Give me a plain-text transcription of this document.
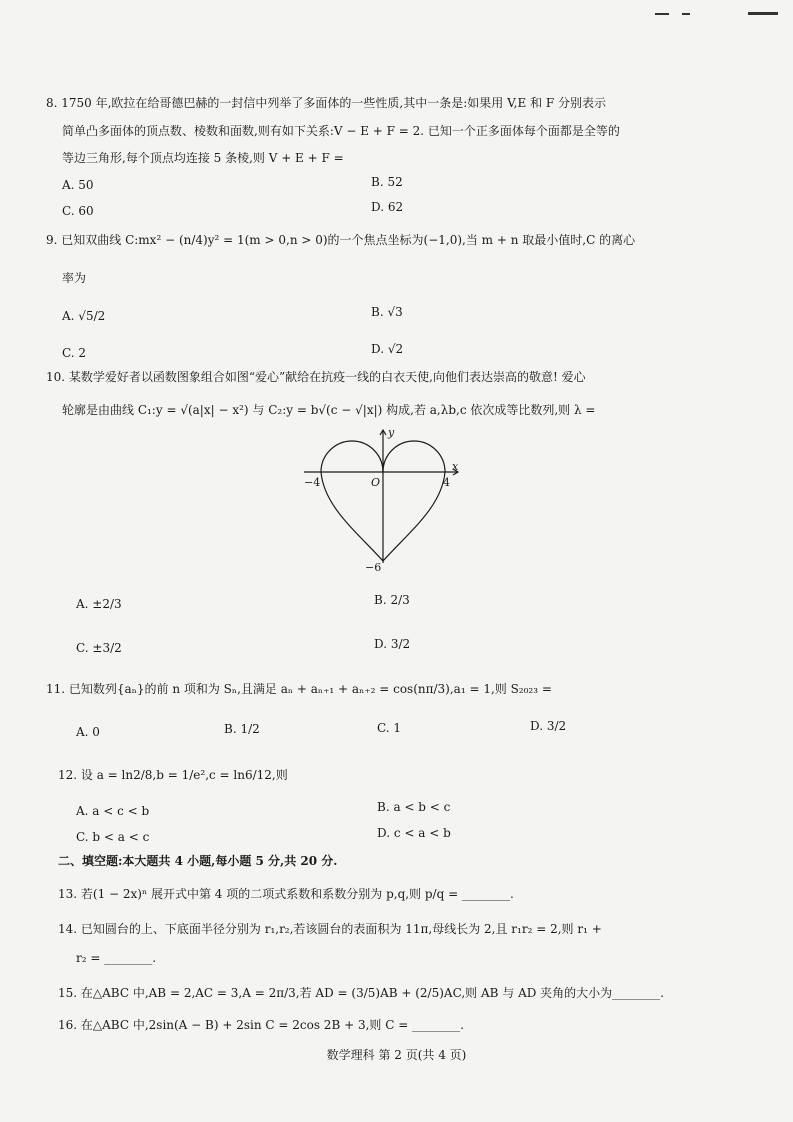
8. 1750 年,欧拉在给哥德巴赫的一封信中列举了多面体的一些性质,其中一条是:如果用 V,E 和 F 分别表示
简单凸多面体的顶点数、棱数和面数,则有如下关系:V − E + F = 2. 已知一个正多面体每个面都是全等的
等边三角形,每个顶点均连接 5 条棱,则 V + E + F =
A. 50	B. 52
C. 60	D. 62
9. 已知双曲线 C:mx² − (n/4)y² = 1(m > 0,n > 0)的一个焦点坐标为(−1,0),当 m + n 取最小值时,C 的离心
率为
A. √5/2	B. √3
C. 2	D. √2
10. 某数学爱好者以函数图象组合如图“爱心”献给在抗疫一线的白衣天使,向他们表达崇高的敬意! 爱心
轮廓是由曲线 C₁:y = √(a|x| − x²) 与 C₂:y = b√(c − √|x|) 构成,若 a,λb,c 依次成等比数列,则 λ =
y
x
O
−4	4
−6
A. ±2/3	B. 2/3
C. ±3/2	D. 3/2
11. 已知数列{aₙ}的前 n 项和为 Sₙ,且满足 aₙ + aₙ₊₁ + aₙ₊₂ = cos(nπ/3),a₁ = 1,则 S₂₀₂₃ =
A. 0	B. 1/2	C. 1	D. 3/2
12. 设 a = ln2/8,b = 1/e²,c = ln6/12,则
A. a < c < b	B. a < b < c
C. b < a < c	D. c < a < b
二、填空题:本大题共 4 小题,每小题 5 分,共 20 分.
13. 若(1 − 2x)ⁿ 展开式中第 4 项的二项式系数和系数分别为 p,q,则 p/q = ________.
14. 已知圆台的上、下底面半径分别为 r₁,r₂,若该圆台的表面积为 11π,母线长为 2,且 r₁r₂ = 2,则 r₁ +
r₂ = ________.
15. 在△ABC 中,AB = 2,AC = 3,A = 2π/3,若 AD = (3/5)AB + (2/5)AC,则 AB 与 AD 夹角的大小为________.
16. 在△ABC 中,2sin(A − B) + 2sin C = 2cos 2B + 3,则 C = ________.
数学理科 第 2 页(共 4 页)
